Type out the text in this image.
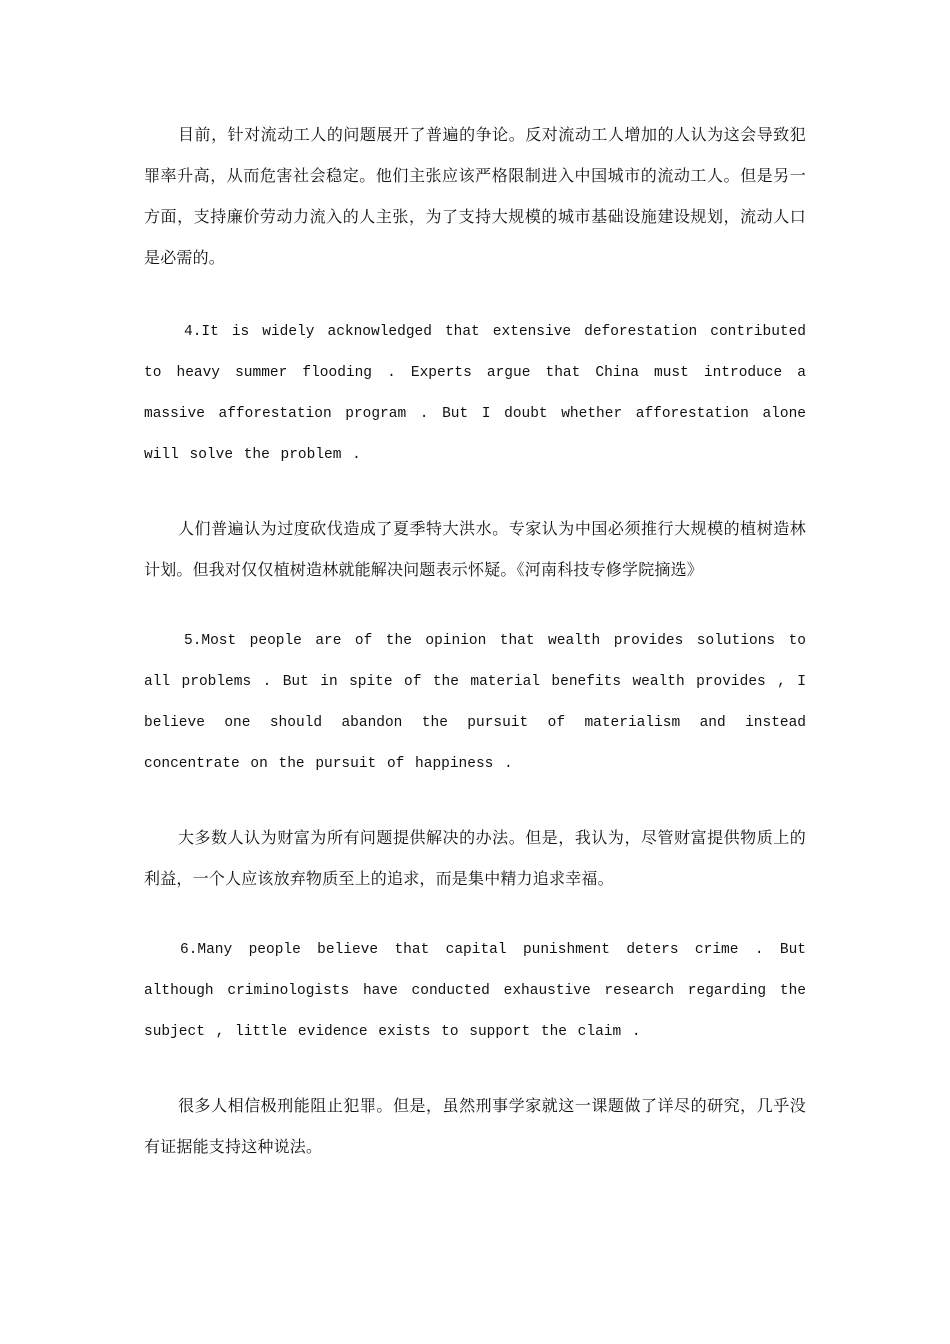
目前，针对流动工人的问题展开了普遍的争论。反对流动工人增加的人认为这会导致犯罪率升高，从而危害社会稳定。他们主张应该严格限制进入中国城市的流动工人。但是另一方面，支持廉价劳动力流入的人主张，为了支持大规模的城市基础设施建设规划，流动人口是必需的。

4.It is widely acknowledged that extensive deforestation contributed to heavy summer flooding . Experts argue that China must introduce a massive afforestation program . But I doubt whether afforestation alone will solve the problem .

人们普遍认为过度砍伐造成了夏季特大洪水。专家认为中国必须推行大规模的植树造林计划。但我对仅仅植树造林就能解决问题表示怀疑。《河南科技专修学院摘选》

5.Most people are of the opinion that wealth provides solutions to all problems . But in spite of the material benefits wealth provides , I believe one should abandon the pursuit of materialism and instead concentrate on the pursuit of happiness .

大多数人认为财富为所有问题提供解决的办法。但是，我认为，尽管财富提供物质上的利益，一个人应该放弃物质至上的追求，而是集中精力追求幸福。

6.Many people believe that capital punishment deters crime . But although criminologists have conducted exhaustive research regarding the subject , little evidence exists to support the claim .

很多人相信极刑能阻止犯罪。但是，虽然刑事学家就这一课题做了详尽的研究，几乎没有证据能支持这种说法。
